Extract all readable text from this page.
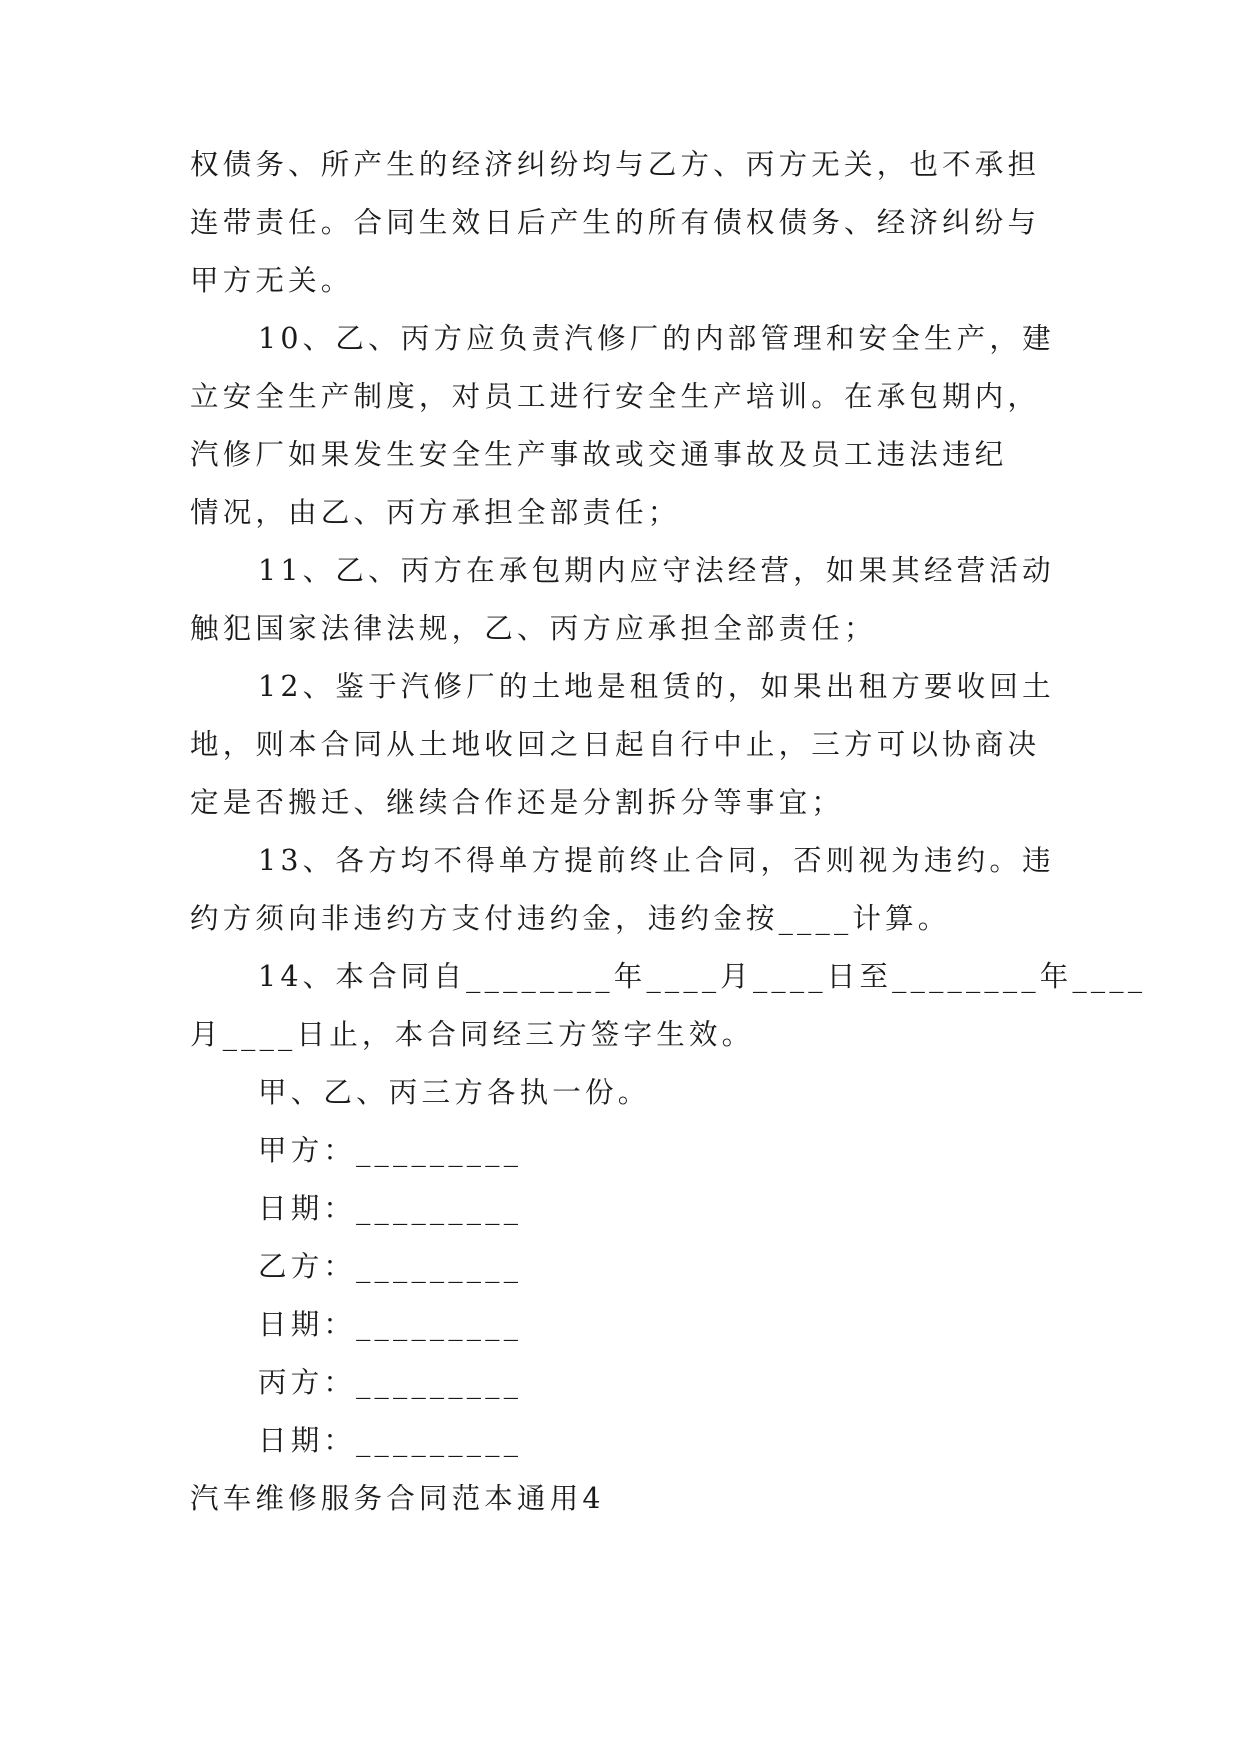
权债务、所产生的经济纠纷均与乙方、丙方无关，也不承担
连带责任。合同生效日后产生的所有债权债务、经济纠纷与
甲方无关。
10、乙、丙方应负责汽修厂的内部管理和安全生产，建
立安全生产制度，对员工进行安全生产培训。在承包期内，
汽修厂如果发生安全生产事故或交通事故及员工违法违纪
情况，由乙、丙方承担全部责任；
11、乙、丙方在承包期内应守法经营，如果其经营活动
触犯国家法律法规，乙、丙方应承担全部责任；
12、鉴于汽修厂的土地是租赁的，如果出租方要收回土
地，则本合同从土地收回之日起自行中止，三方可以协商决
定是否搬迁、继续合作还是分割拆分等事宜；
13、各方均不得单方提前终止合同，否则视为违约。违
约方须向非违约方支付违约金，违约金按____计算。
14、本合同自________年____月____日至________年____
月____日止，本合同经三方签字生效。
甲、乙、丙三方各执一份。
甲方：_________
日期：_________
乙方：_________
日期：_________
丙方：_________
日期：_________
汽车维修服务合同范本通用4
